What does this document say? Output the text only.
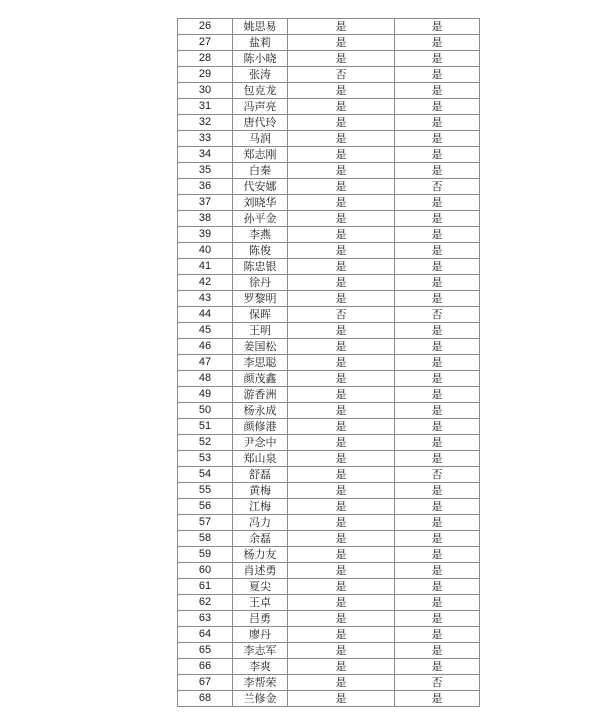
26	姚思易	是	是
27	盐莉	是	是
28	陈小晓	是	是
29	张涛	否	是
30	包克龙	是	是
31	冯声亮	是	是
32	唐代玲	是	是
33	马润	是	是
34	郑志刚	是	是
35	白秦	是	是
36	代安娜	是	否
37	刘晓华	是	是
38	孙平金	是	是
39	李燕	是	是
40	陈俊	是	是
41	陈忠银	是	是
42	徐丹	是	是
43	罗黎明	是	是
44	保晖	否	否
45	王明	是	是
46	姜国松	是	是
47	李思聪	是	是
48	颜茂鑫	是	是
49	游香洲	是	是
50	杨永成	是	是
51	颜修港	是	是
52	尹念中	是	是
53	郑山泉	是	是
54	舒磊	是	否
55	黄梅	是	是
56	江梅	是	是
57	冯力	是	是
58	余磊	是	是
59	杨力友	是	是
60	肖述勇	是	是
61	夏尖	是	是
62	王卓	是	是
63	吕勇	是	是
64	廖丹	是	是
65	李志军	是	是
66	李爽	是	是
67	李帮荣	是	否
68	兰修金	是	是
